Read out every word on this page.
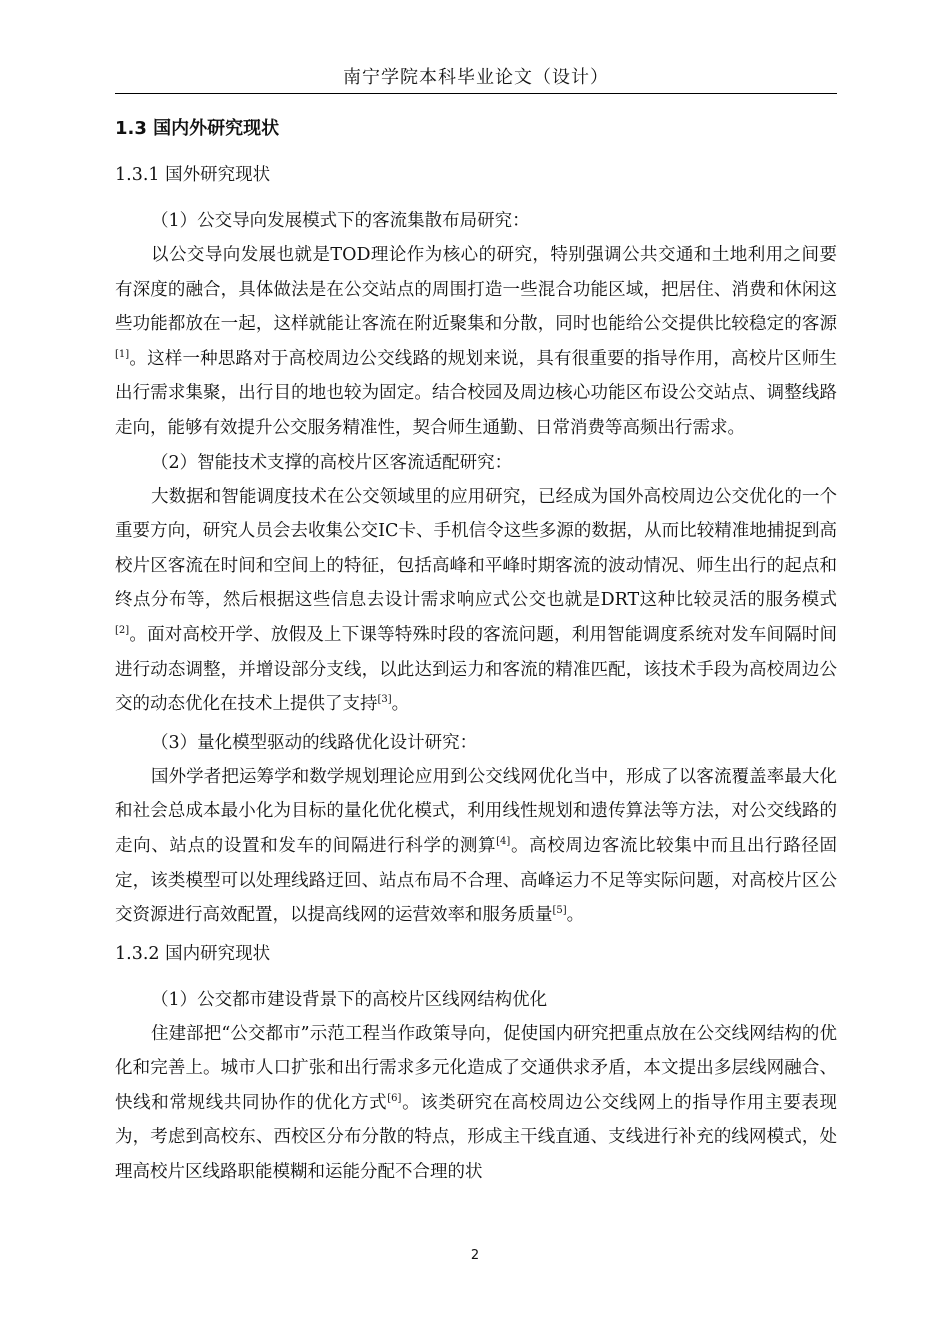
南宁学院本科毕业论文（设计）
1.3 国内外研究现状
1.3.1 国外研究现状

（1）公交导向发展模式下的客流集散布局研究：

以公交导向发展也就是TOD理论作为核心的研究，特别强调公共交通和土地利用之间要有深度的融合，具体做法是在公交站点的周围打造一些混合功能区域，把居住、消费和休闲这些功能都放在一起，这样就能让客流在附近聚集和分散，同时也能给公交提供比较稳定的客源[1]。这样一种思路对于高校周边公交线路的规划来说，具有很重要的指导作用，高校片区师生出行需求集聚，出行目的地也较为固定。结合校园及周边核心功能区布设公交站点、调整线路走向，能够有效提升公交服务精准性，契合师生通勤、日常消费等高频出行需求。

（2）智能技术支撑的高校片区客流适配研究：

大数据和智能调度技术在公交领域里的应用研究，已经成为国外高校周边公交优化的一个重要方向，研究人员会去收集公交IC卡、手机信令这些多源的数据，从而比较精准地捕捉到高校片区客流在时间和空间上的特征，包括高峰和平峰时期客流的波动情况、师生出行的起点和终点分布等，然后根据这些信息去设计需求响应式公交也就是DRT这种比较灵活的服务模式[2]。面对高校开学、放假及上下课等特殊时段的客流问题，利用智能调度系统对发车间隔时间进行动态调整，并增设部分支线，以此达到运力和客流的精准匹配，该技术手段为高校周边公交的动态优化在技术上提供了支持[3]。

（3）量化模型驱动的线路优化设计研究：

国外学者把运筹学和数学规划理论应用到公交线网优化当中，形成了以客流覆盖率最大化和社会总成本最小化为目标的量化优化模式，利用线性规划和遗传算法等方法，对公交线路的走向、站点的设置和发车的间隔进行科学的测算[4]。高校周边客流比较集中而且出行路径固定，该类模型可以处理线路迂回、站点布局不合理、高峰运力不足等实际问题，对高校片区公交资源进行高效配置，以提高线网的运营效率和服务质量[5]。

1.3.2 国内研究现状

（1）公交都市建设背景下的高校片区线网结构优化

住建部把“公交都市”示范工程当作政策导向，促使国内研究把重点放在公交线网结构的优化和完善上。城市人口扩张和出行需求多元化造成了交通供求矛盾，本文提出多层线网融合、快线和常规线共同协作的优化方式[6]。该类研究在高校周边公交线网上的指导作用主要表现为，考虑到高校东、西校区分布分散的特点，形成主干线直通、支线进行补充的线网模式，处理高校片区线路职能模糊和运能分配不合理的状

2
